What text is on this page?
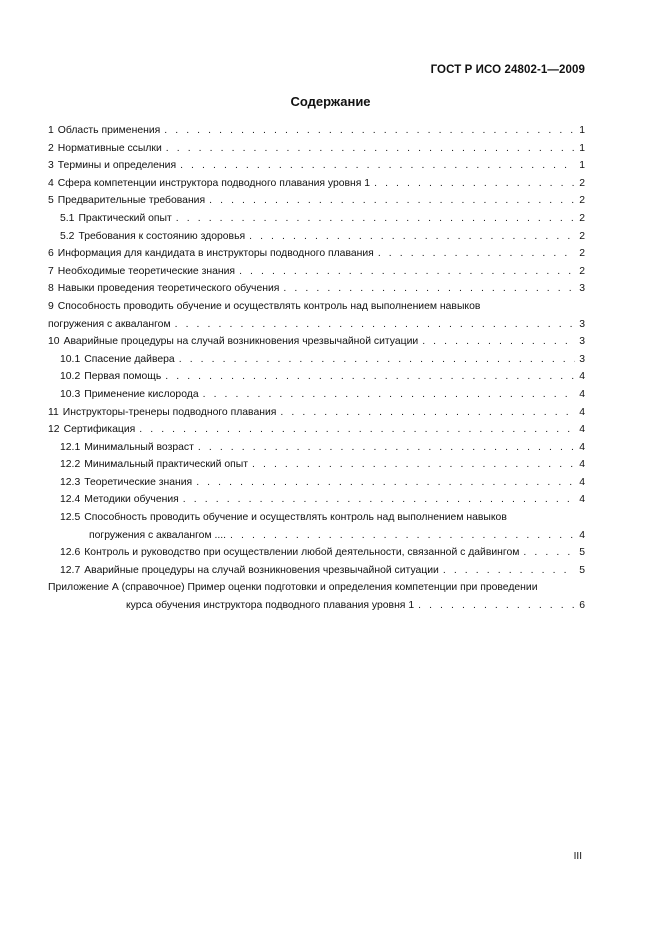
ГОСТ Р ИСО 24802-1—2009
Содержание
1 Область применения . . .	1
2 Нормативные ссылки . . .	1
3 Термины и определения . . .	1
4 Сфера компетенции инструктора подводного плавания уровня 1 . . .	2
5 Предварительные требования . . .	2
5.1 Практический опыт . . .	2
5.2 Требования к состоянию здоровья . . .	2
6 Информация для кандидата в инструкторы подводного плавания . . .	2
7 Необходимые теоретические знания . . .	2
8 Навыки проведения теоретического обучения . . .	3
9 Способность проводить обучение и осуществлять контроль над выполнением навыков
погружения с аквалангом . . .	3
10 Аварийные процедуры на случай возникновения чрезвычайной ситуации . . .	3
10.1 Спасение дайвера . . .	3
10.2 Первая помощь . . .	4
10.3 Применение кислорода . . .	4
11 Инструкторы-тренеры подводного плавания . . .	4
12 Сертификация . . .	4
12.1 Минимальный возраст . . .	4
12.2 Минимальный практический опыт . . .	4
12.3 Теоретические знания . . .	4
12.4 Методики обучения . . .	4
12.5 Способность проводить обучение и осуществлять контроль над выполнением навыков
погружения с аквалангом .... . . .	4
12.6 Контроль и руководство при осуществлении любой деятельности, связанной с дайвингом . . .	5
12.7 Аварийные процедуры на случай возникновения чрезвычайной ситуации . . .	5
Приложение А (справочное) Пример оценки подготовки и определения компетенции при проведении
курса обучения инструктора подводного плавания уровня 1 . . .	6
III
